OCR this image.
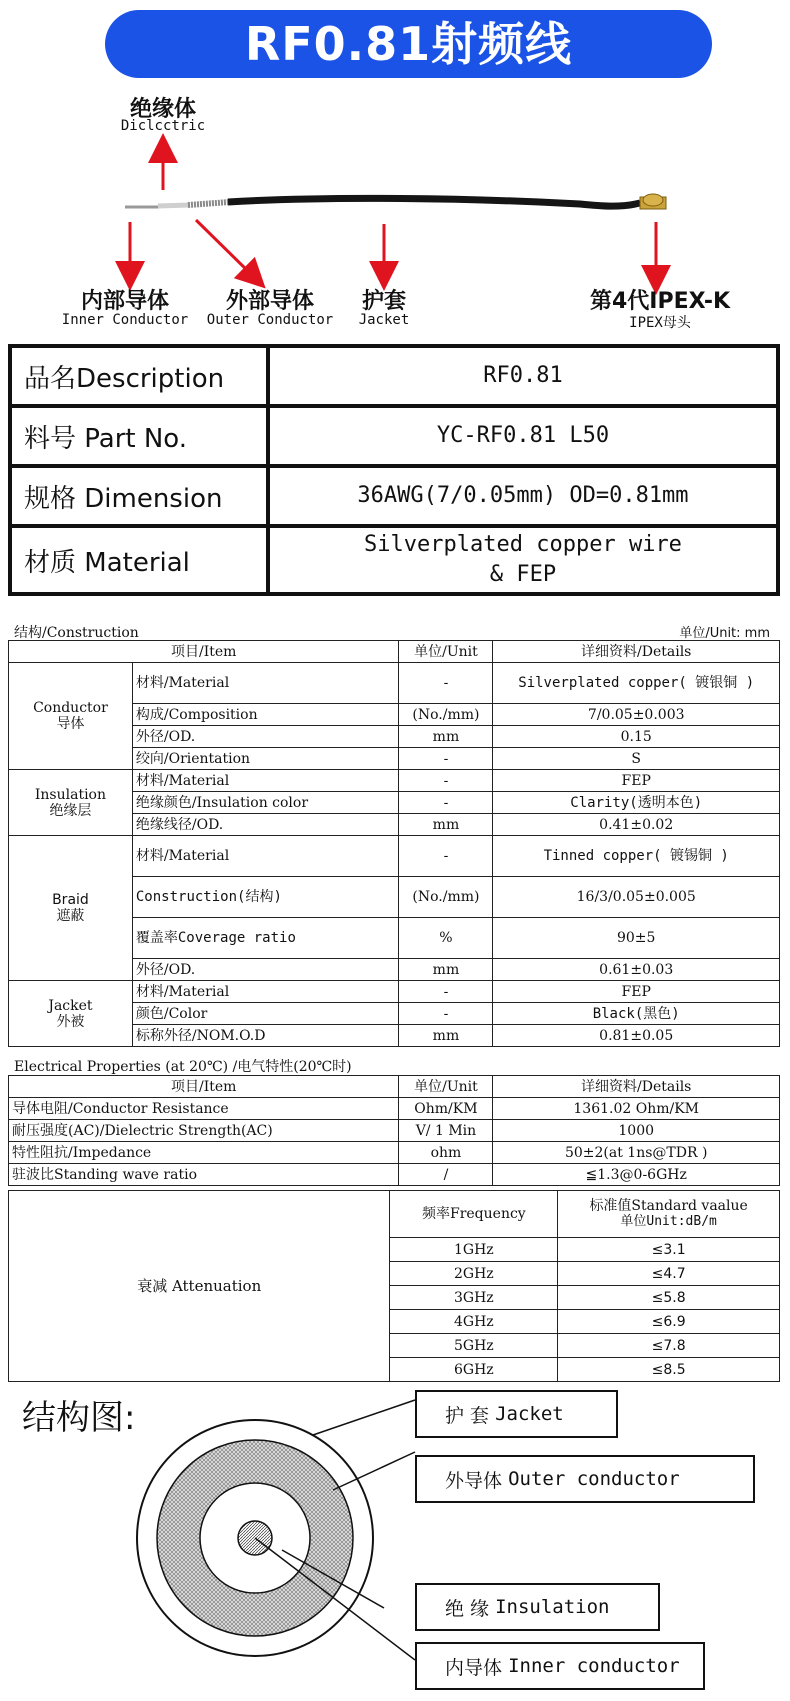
RF0.81射频线
绝缘体
Diclcctric
内部导体
Inner Conductor
外部导体
Outer Conductor
护套
Jacket
第4代IPEX-K
IPEX母头
品名Description	RF0.81
料号 Part No.	YC-RF0.81 L50
规格 Dimension	36AWG(7/0.05mm) OD=0.81mm
材质 Material	Silverplated copper wire
& FEP
结构/Construction	单位/Unit: mm
项目/Item		单位/Unit	详细资料/Details

Conductor
导体	材料/Material	-	Silverplated copper( 镀银铜 )
	构成/Composition	(No./mm)	7/0.05±0.003
	外径/OD.	mm	0.15
	绞向/Orientation	-	S

Insulation
绝缘层	材料/Material	-	FEP
	绝缘颜色/Insulation color	-	Clarity(透明本色)
	绝缘线径/OD.	mm	0.41±0.02

Braid
遮蔽	材料/Material	-	Tinned copper( 镀锡铜 )
	Construction(结构)	(No./mm)	16/3/0.05±0.005
	覆盖率Coverage ratio	%	90±5
	外径/OD.	mm	0.61±0.03

Jacket
外被	材料/Material	-	FEP
	颜色/Color	-	Black(黑色)
	标称外径/NOM.O.D	mm	0.81±0.05
Electrical Properties (at 20℃) /电气特性(20℃时)
项目/Item	单位/Unit	详细资料/Details
导体电阻/Conductor Resistance	Ohm/KM	1361.02 Ohm/KM
耐压强度(AC)/Dielectric Strength(AC)	V/ 1 Min	1000
特性阻抗/Impedance	ohm	50±2(at 1ns@TDR )
驻波比Standing wave ratio	/	≦1.3@0-6GHz
衰减 Attenuation	频率Frequency	标准值Standard vaalue
单位Unit:dB/m

	1GHz	≤3.1
	2GHz	≤4.7
	3GHz	≤5.8
	4GHz	≤6.9
	5GHz	≤7.8
	6GHz	≤8.5
结构图:	护 套
Jacket
外导体
Outer conductor
绝 缘
Insulation
内导体
Inner conductor
